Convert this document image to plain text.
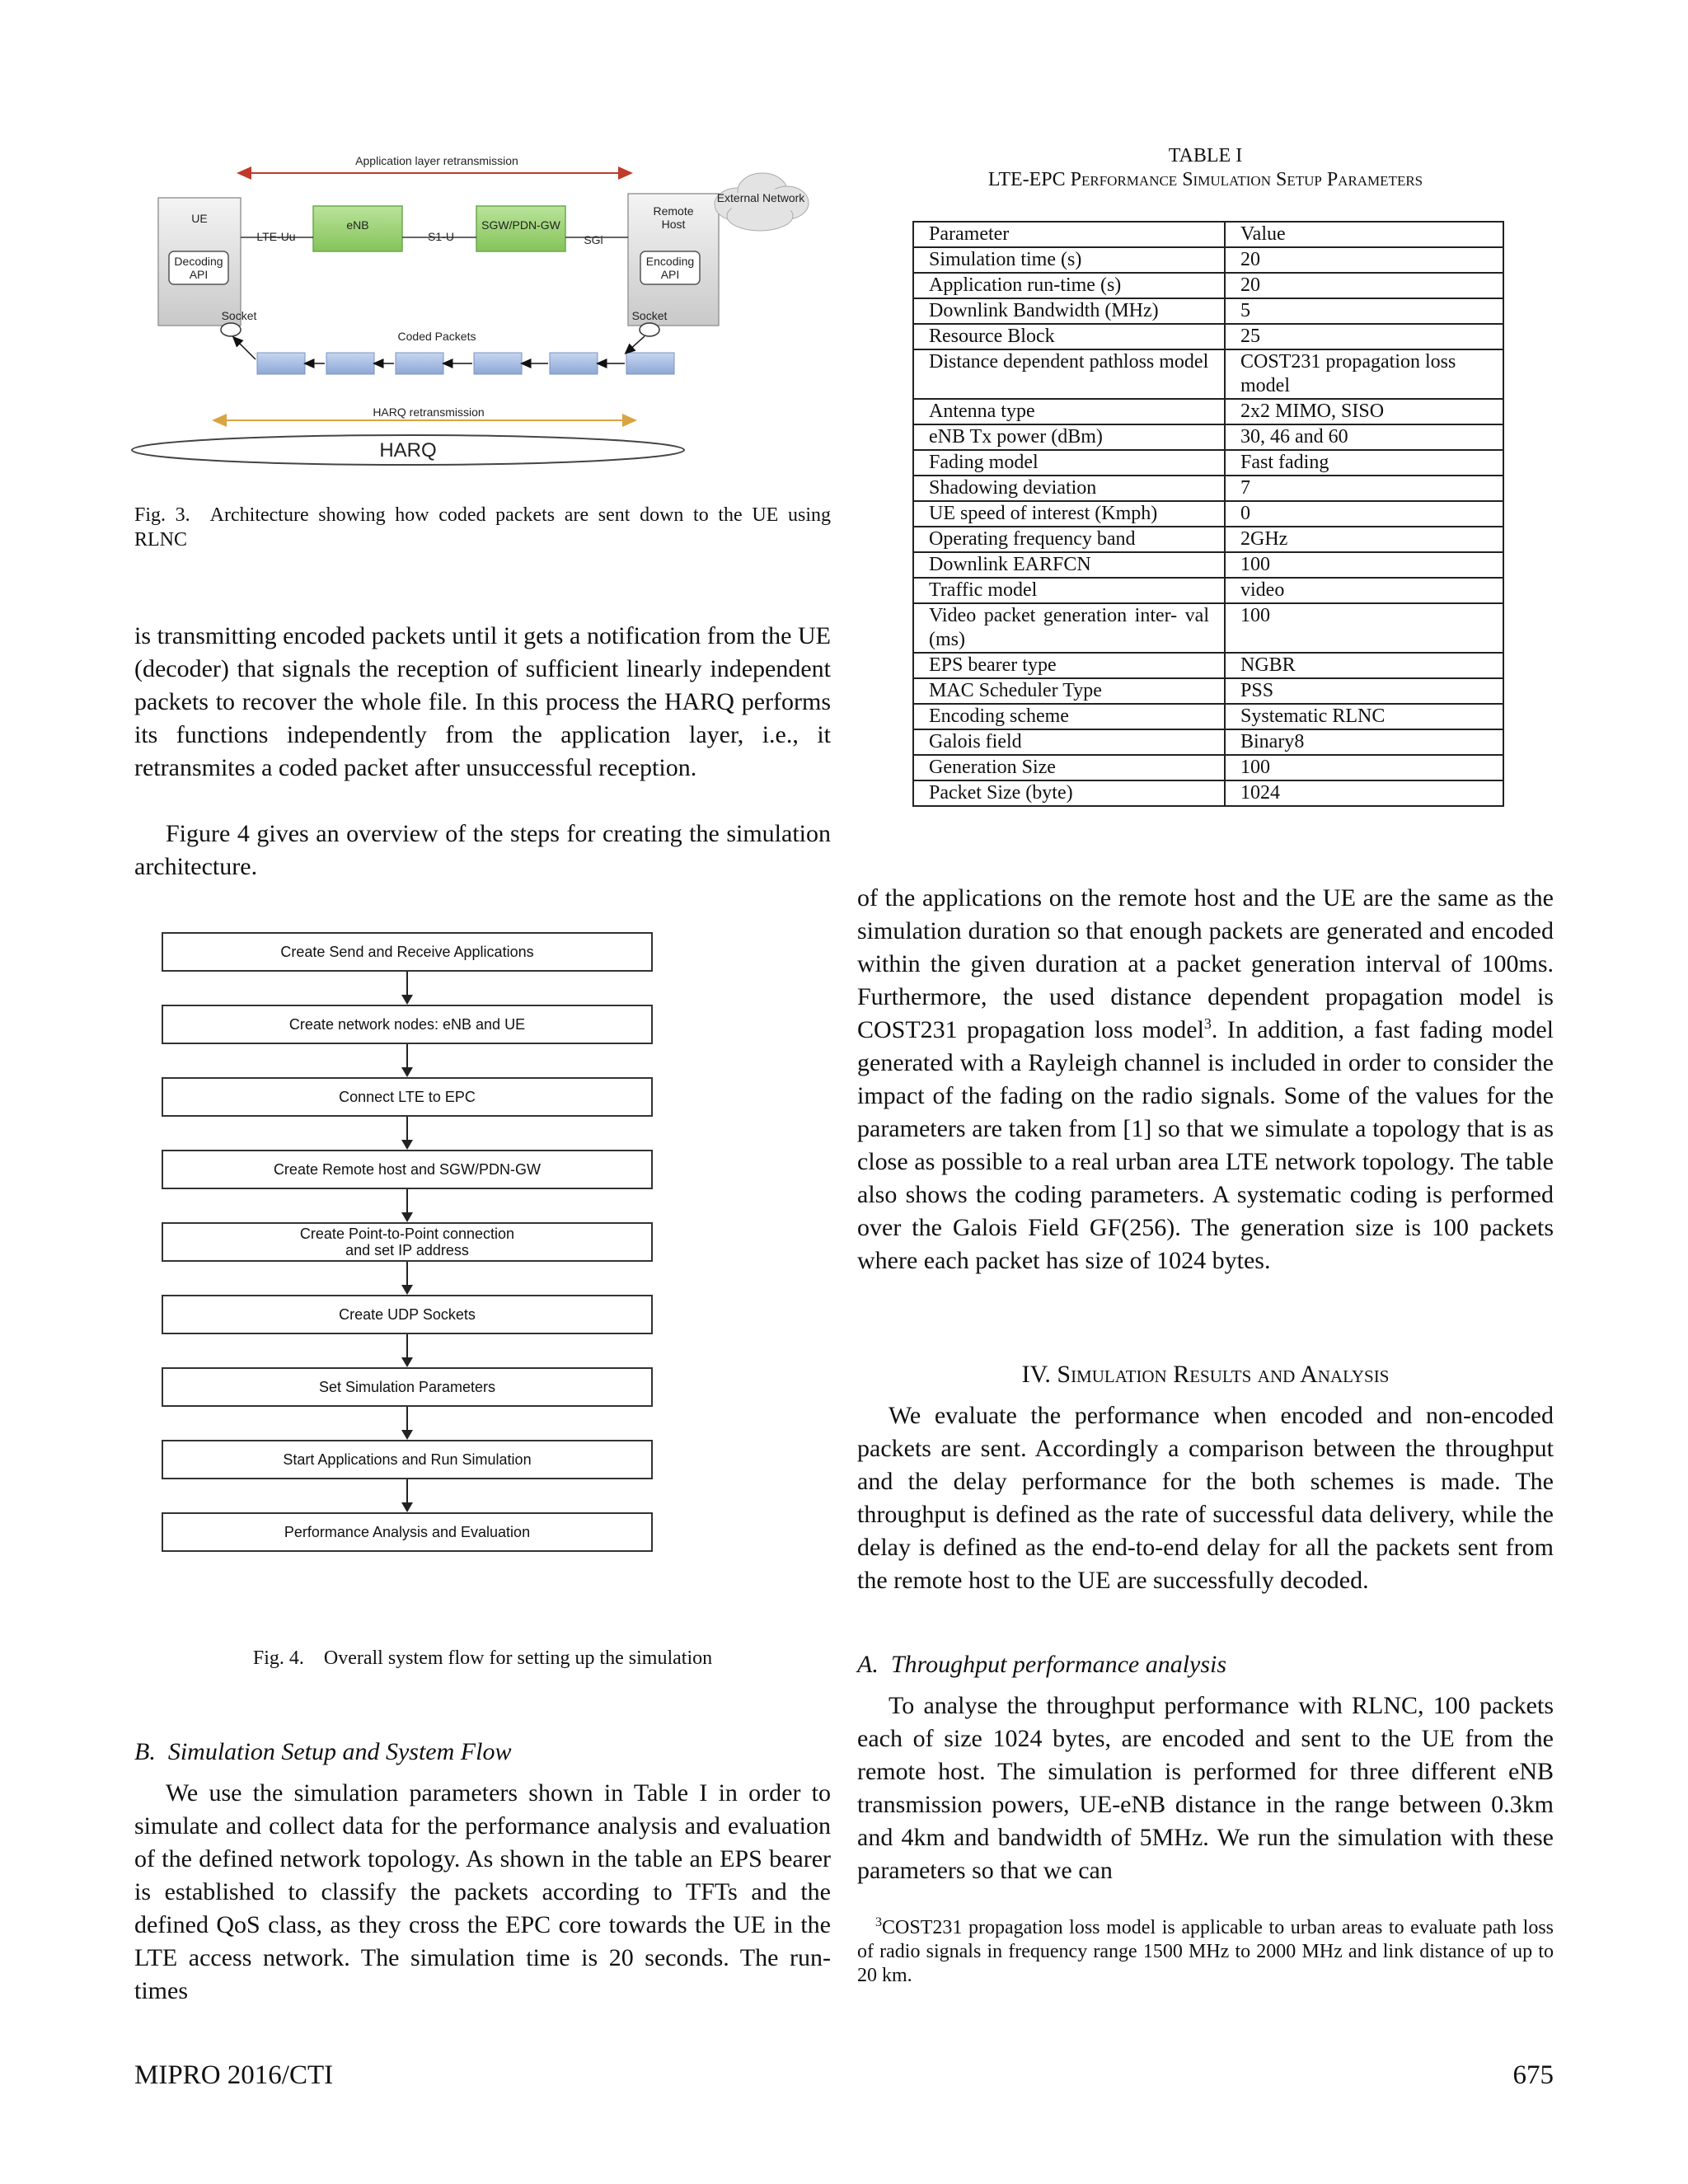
Application layer retransmission
UE
LTE-Uu
eNB
S1-U
SGW/PDN-GW
SGi
Remote
Host
External Network
Decoding
API
Encoding
API
Socket	Socket
Coded Packets
HARQ retransmission
HARQ
Fig. 3. Architecture showing how coded packets are sent down to the UE using RLNC

is transmitting encoded packets until it gets a notification from the UE (decoder) that signals the reception of sufficient linearly independent packets to recover the whole file. In this process the HARQ performs its functions independently from the application layer, i.e., it retransmites a coded packet after unsuccessful reception.

Figure 4 gives an overview of the steps for creating the simulation architecture.

Create Send and Receive Applications
Create network nodes: eNB and UE
Connect LTE to EPC
Create Remote host and SGW/PDN-GW
Create Point-to-Point connection
and set IP address
Create UDP Sockets
Set Simulation Parameters
Start Applications and Run Simulation
Performance Analysis and Evaluation
Fig. 4. Overall system flow for setting up the simulation
B.  Simulation Setup and System Flow

We use the simulation parameters shown in Table I in order to simulate and collect data for the performance analysis and evaluation of the defined network topology. As shown in the table an EPS bearer is established to classify the packets according to TFTs and the defined QoS class, as they cross the EPC core towards the UE in the LTE access network. The simulation time is 20 seconds. The run-times

TABLE I
LTE-EPC Performance Simulation Setup Parameters
Parameter	Value
Simulation time (s)	20
Application run-time (s)	20
Downlink Bandwidth (MHz)	5
Resource Block	25
Distance dependent pathloss model	COST231 propagation loss model
Antenna type	2x2 MIMO, SISO
eNB Tx power (dBm)	30, 46 and 60
Fading model	Fast fading
Shadowing deviation	7
UE speed of interest (Kmph)	0
Operating frequency band	2GHz
Downlink EARFCN	100
Traffic model	video
Video packet generation inter- val (ms)	100
EPS bearer type	NGBR
MAC Scheduler Type	PSS
Encoding scheme	Systematic RLNC
Galois field	Binary8
Generation Size	100
Packet Size (byte)	1024

of the applications on the remote host and the UE are the same as the simulation duration so that enough packets are generated and encoded within the given duration at a packet generation interval of 100ms. Furthermore, the used distance dependent propagation model is COST231 propagation loss model$^3$. In addition, a fast fading model generated with a Rayleigh channel is included in order to consider the impact of the fading on the radio signals. Some of the values for the parameters are taken from [1] so that we simulate a topology that is as close as possible to a real urban area LTE network topology. The table also shows the coding parameters. A systematic coding is performed over the Galois Field GF(256). The generation size is 100 packets where each packet has size of 1024 bytes.

IV. Simulation Results and Analysis

We evaluate the performance when encoded and non-encoded packets are sent. Accordingly a comparison between the throughput and the delay performance for the both schemes is made. The throughput is defined as the rate of successful data delivery, while the delay is defined as the end-to-end delay for all the packets sent from the remote host to the UE are successfully decoded.

A.  Throughput performance analysis

To analyse the throughput performance with RLNC, 100 packets each of size 1024 bytes, are encoded and sent to the UE from the remote host. The simulation is performed for three different eNB transmission powers, UE-eNB distance in the range between 0.3km and 4km and bandwidth of 5MHz. We run the simulation with these parameters so that we can

$^3$COST231 propagation loss model is applicable to urban areas to evaluate path loss of radio signals in frequency range 1500 MHz to 2000 MHz and link distance of up to 20 km.

MIPRO 2016/CTI	675
